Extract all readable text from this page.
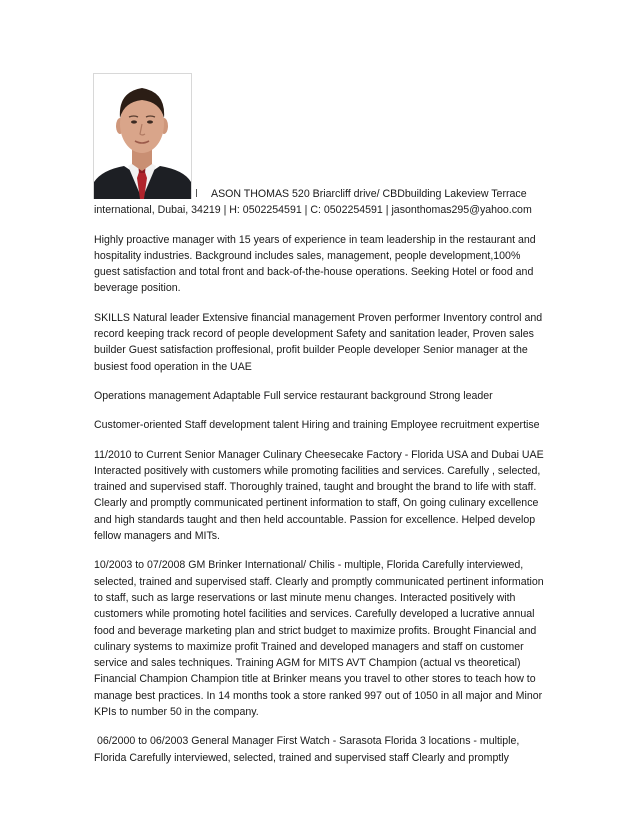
ASON THOMAS 520 Briarcliff drive/ CBDbuilding Lakeview Terrace
international, Dubai, 34219 | H: 0502254591 | C: 0502254591 | jasonthomas295@yahoo.com

Highly proactive manager with 15 years of experience in team leadership in the restaurant and hospitality industries. Background includes sales, management, people development,100% guest satisfaction and total front and back-of-the-house operations. Seeking Hotel or food and beverage position.

SKILLS Natural leader Extensive financial management Proven performer Inventory control and record keeping track record of people development Safety and sanitation leader, Proven sales builder Guest satisfaction proffesional, profit builder People developer Senior manager at the busiest food operation in the UAE

Operations management Adaptable Full service restaurant background Strong leader

Customer-oriented Staff development talent Hiring and training Employee recruitment expertise

11/2010 to Current Senior Manager Culinary Cheesecake Factory - Florida USA and Dubai UAE Interacted positively with customers while promoting facilities and services. Carefully , selected, trained and supervised staff. Thoroughly trained, taught and brought the brand to life with staff. Clearly and promptly communicated pertinent information to staff, On going culinary excellence and high standards taught and then held accountable. Passion for excellence. Helped develop fellow managers and MITs.

10/2003 to 07/2008 GM Brinker International/ Chilis - multiple, Florida Carefully interviewed, selected, trained and supervised staff. Clearly and promptly communicated pertinent information to staff, such as large reservations or last minute menu changes. Interacted positively with customers while promoting hotel facilities and services. Carefully developed a lucrative annual food and beverage marketing plan and strict budget to maximize profits. Brought Financial and culinary systems to maximize profit Trained and developed managers and staff on customer service and sales techniques. Training AGM for MITS AVT Champion (actual vs theoretical) Financial Champion Champion title at Brinker means you travel to other stores to teach how to manage best practices. In 14 months took a store ranked 997 out of 1050 in all major and Minor KPIs to number 50 in the company.

06/2000 to 06/2003 General Manager First Watch - Sarasota Florida 3 locations - multiple, Florida Carefully interviewed, selected, trained and supervised staff Clearly and promptly
